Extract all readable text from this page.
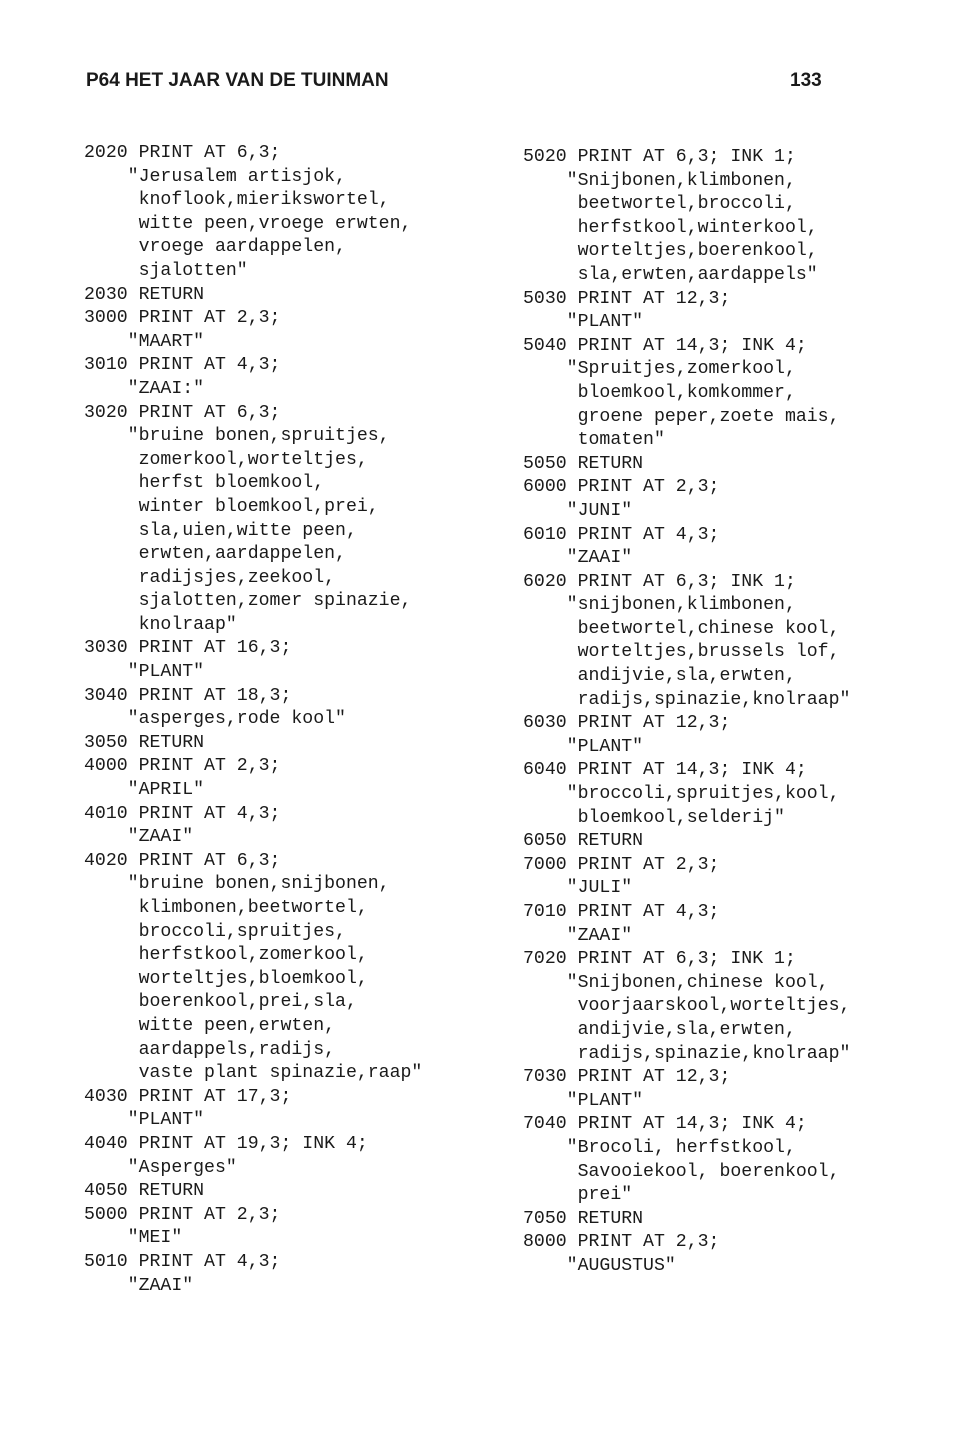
P64 HET JAAR VAN DE TUINMAN	133
2020 PRINT AT 6,3;
"Jerusalem artisjok,
knoflook,mierikswortel,
witte peen,vroege erwten,
vroege aardappelen,
sjalotten"
2030 RETURN
3000 PRINT AT 2,3;
"MAART"
3010 PRINT AT 4,3;
"ZAAI:"
3020 PRINT AT 6,3;
"bruine bonen,spruitjes,
zomerkool,worteltjes,
herfst bloemkool,
winter bloemkool,prei,
sla,uien,witte peen,
erwten,aardappelen,
radijsjes,zeekool,
sjalotten,zomer spinazie,
knolraap"
3030 PRINT AT 16,3;
"PLANT"
3040 PRINT AT 18,3;
"asperges,rode kool"
3050 RETURN
4000 PRINT AT 2,3;
"APRIL"
4010 PRINT AT 4,3;
"ZAAI"
4020 PRINT AT 6,3;
"bruine bonen,snijbonen,
klimbonen,beetwortel,
broccoli,spruitjes,
herfstkool,zomerkool,
worteltjes,bloemkool,
boerenkool,prei,sla,
witte peen,erwten,
aardappels,radijs,
vaste plant spinazie,raap"
4030 PRINT AT 17,3;
"PLANT"
4040 PRINT AT 19,3; INK 4;
"Asperges"
4050 RETURN
5000 PRINT AT 2,3;
"MEI"
5010 PRINT AT 4,3;
"ZAAI"
5020 PRINT AT 6,3; INK 1;
"Snijbonen,klimbonen,
beetwortel,broccoli,
herfstkool,winterkool,
worteltjes,boerenkool,
sla,erwten,aardappels"
5030 PRINT AT 12,3;
"PLANT"
5040 PRINT AT 14,3; INK 4;
"Spruitjes,zomerkool,
bloemkool,komkommer,
groene peper,zoete mais,
tomaten"
5050 RETURN
6000 PRINT AT 2,3;
"JUNI"
6010 PRINT AT 4,3;
"ZAAI"
6020 PRINT AT 6,3; INK 1;
"snijbonen,klimbonen,
beetwortel,chinese kool,
worteltjes,brussels lof,
andijvie,sla,erwten,
radijs,spinazie,knolraap"
6030 PRINT AT 12,3;
"PLANT"
6040 PRINT AT 14,3; INK 4;
"broccoli,spruitjes,kool,
bloemkool,selderij"
6050 RETURN
7000 PRINT AT 2,3;
"JULI"
7010 PRINT AT 4,3;
"ZAAI"
7020 PRINT AT 6,3; INK 1;
"Snijbonen,chinese kool,
voorjaarskool,worteltjes,
andijvie,sla,erwten,
radijs,spinazie,knolraap"
7030 PRINT AT 12,3;
"PLANT"
7040 PRINT AT 14,3; INK 4;
"Brocoli, herfstkool,
Savooiekool, boerenkool,
prei"
7050 RETURN
8000 PRINT AT 2,3;
"AUGUSTUS"
